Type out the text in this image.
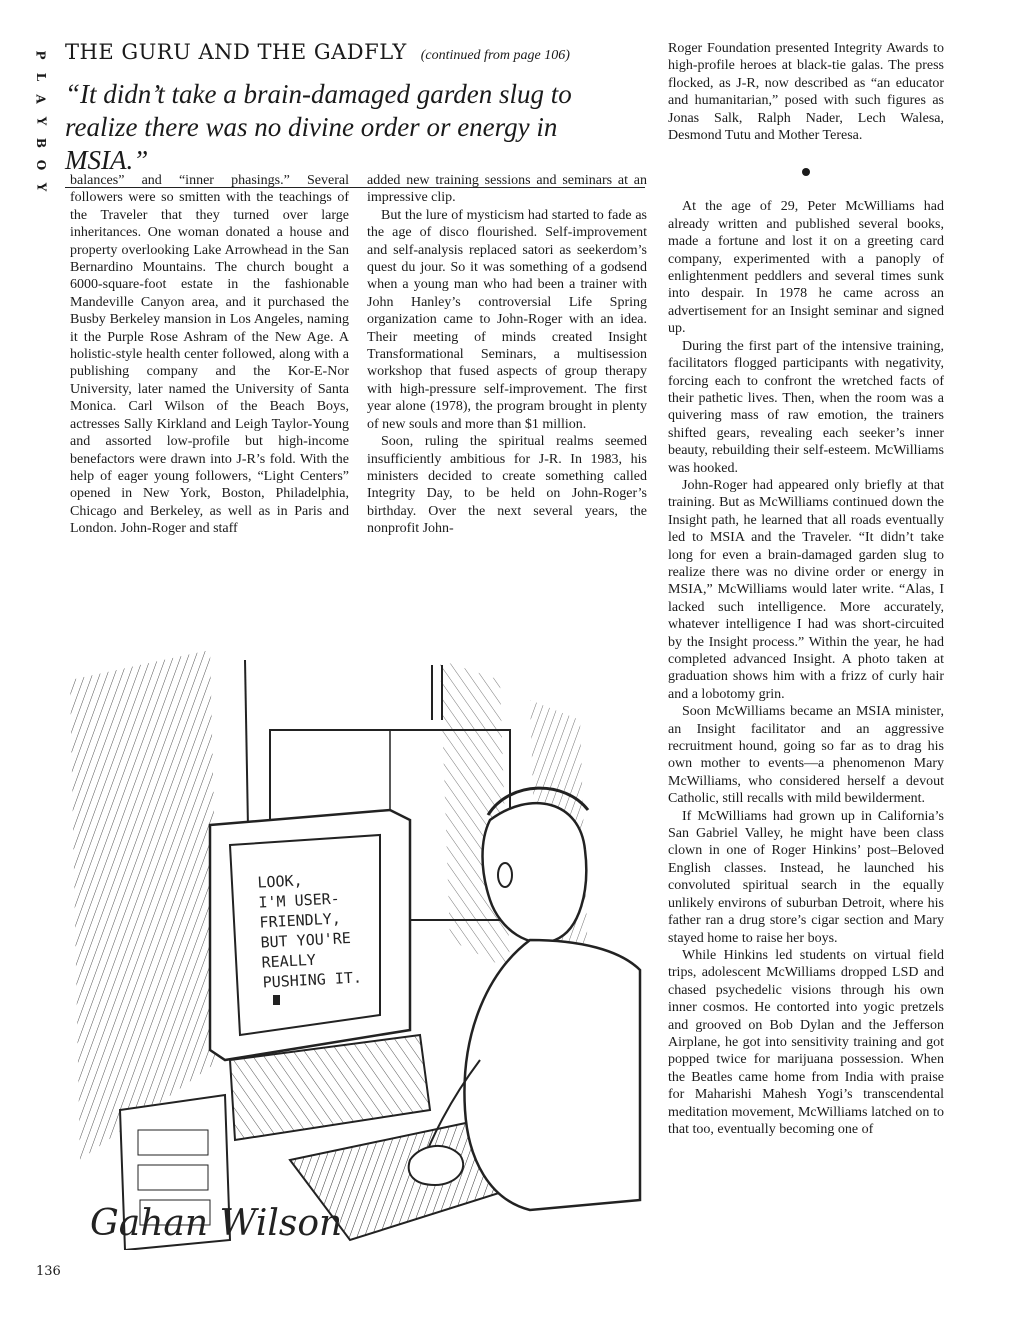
P
L
A
Y
B
O
Y
THE GURU AND THE GADFLY (continued from page 106)
“It didn’t take a brain-damaged garden slug to realize there was no divine order or energy in MSIA.”

balances” and “inner phasings.” Several followers were so smitten with the teachings of the Traveler that they turned over large inheritances. One woman donated a house and property overlooking Lake Arrowhead in the San Bernardino Mountains. The church bought a 6000-square-foot estate in the fashionable Mandeville Canyon area, and it purchased the Busby Berkeley mansion in Los Angeles, naming it the Purple Rose Ashram of the New Age. A holistic-style health center followed, along with a publishing company and the Kor-E-Nor University, later named the University of Santa Monica. Carl Wilson of the Beach Boys, actresses Sally Kirkland and Leigh Taylor-Young and assorted low-profile but high-income benefactors were drawn into J-R’s fold. With the help of eager young followers, “Light Centers” opened in New York, Boston, Philadelphia, Chicago and Berkeley, as well as in Paris and London. John-Roger and staff

added new training sessions and seminars at an impressive clip.

But the lure of mysticism had started to fade as the age of disco flourished. Self-improvement and self-analysis replaced satori as seekerdom’s quest du jour. So it was something of a godsend when a young man who had been a trainer with John Hanley’s controversial Life Spring organization came to John-Roger with an idea. Their meeting of minds created Insight Transformational Seminars, a multisession workshop that fused aspects of group therapy with high-pressure self-improvement. The first year alone (1978), the program brought in plenty of new souls and more than $1 million.

Soon, ruling the spiritual realms seemed insufficiently ambitious for J-R. In 1983, his ministers decided to create something called Integrity Day, to be held on John-Roger’s birthday. Over the next several years, the nonprofit John-

Roger Foundation presented Integrity Awards to high-profile heroes at black-tie galas. The press flocked, as J-R, now described as “an educator and humanitarian,” posed with such figures as Jonas Salk, Ralph Nader, Lech Walesa, Desmond Tutu and Mother Teresa.

At the age of 29, Peter McWilliams had already written and published several books, made a fortune and lost it on a greeting card company, experimented with a panoply of enlightenment peddlers and several times sunk into despair. In 1978 he came across an advertisement for an Insight seminar and signed up.

During the first part of the intensive training, facilitators flogged participants with negativity, forcing each to confront the wretched facts of their pathetic lives. Then, when the room was a quivering mass of raw emotion, the trainers shifted gears, revealing each seeker’s inner beauty, rebuilding their self-esteem. McWilliams was hooked.

John-Roger had appeared only briefly at that training. But as McWilliams continued down the Insight path, he learned that all roads eventually led to MSIA and the Traveler. “It didn’t take long for even a brain-damaged garden slug to realize there was no divine order or energy in MSIA,” McWilliams would later write. “Alas, I lacked such intelligence. More accurately, whatever intelligence I had was short-circuited by the Insight process.” Within the year, he had completed advanced Insight. A photo taken at graduation shows him with a frizz of curly hair and a lobotomy grin.

Soon McWilliams became an MSIA minister, an Insight facilitator and an aggressive recruitment hound, going so far as to drag his own mother to events—a phenomenon Mary McWilliams, who considered herself a devout Catholic, still recalls with mild bewilderment.

If McWilliams had grown up in California’s San Gabriel Valley, he might have been class clown in one of Roger Hinkins’ post–Beloved English classes. Instead, he launched his convoluted spiritual search in the equally unlikely environs of suburban Detroit, where his father ran a drug store’s cigar section and Mary stayed home to raise her boys.

While Hinkins led students on virtual field trips, adolescent McWilliams dropped LSD and chased psychedelic visions through his own inner cosmos. He contorted into yogic pretzels and grooved on Bob Dylan and the Jefferson Airplane, he got into sensitivity training and got popped twice for marijuana possession. When the Beatles came home from India with praise for Maharishi Mahesh Yogi’s transcendental meditation movement, McWilliams latched on to that too, eventually becoming one of

LOOK,
I'M USER-
FRIENDLY,
BUT YOU'RE
REALLY
PUSHING IT.
Gahan Wilson
136
